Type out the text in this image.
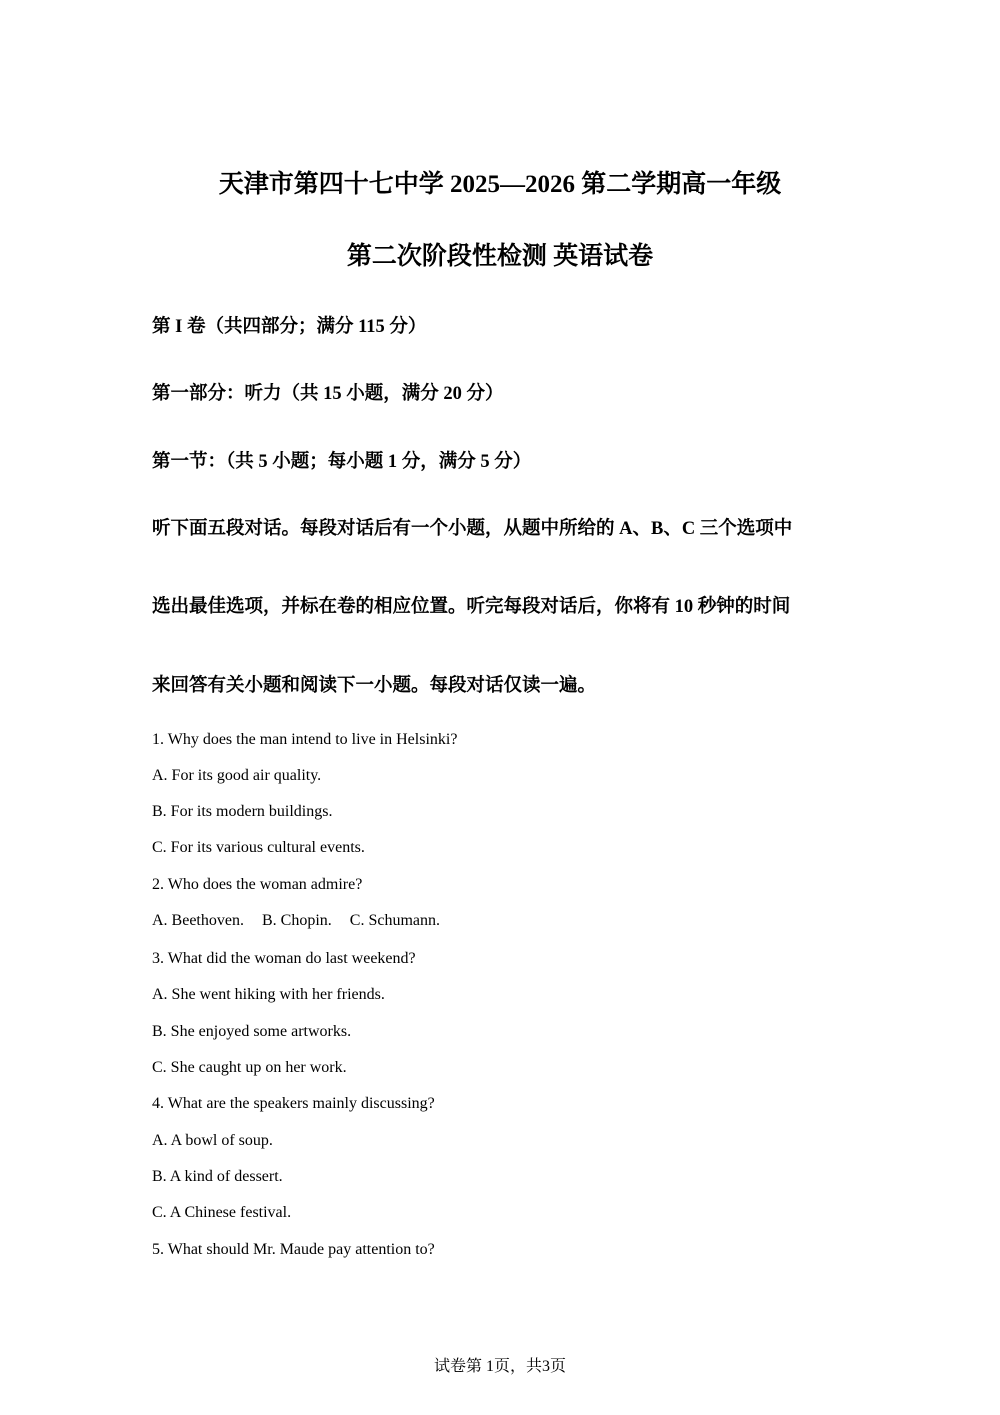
天津市第四十七中学 2025—2026 第二学期高一年级
第二次阶段性检测 英语试卷
第 I 卷（共四部分；满分 115 分）
第一部分：听力（共 15 小题，满分 20 分）
第一节：（共 5 小题；每小题 1 分，满分 5 分）
听下面五段对话。每段对话后有一个小题，从题中所给的 A、B、C 三个选项中
选出最佳选项，并标在卷的相应位置。听完每段对话后，你将有 10 秒钟的时间
来回答有关小题和阅读下一小题。每段对话仅读一遍。
1. Why does the man intend to live in Helsinki?
A. For its good air quality.
B. For its modern buildings.
C. For its various cultural events.
2. Who does the woman admire?
A. Beethoven. B. Chopin. C. Schumann.
3. What did the woman do last weekend?
A. She went hiking with her friends.
B. She enjoyed some artworks.
C. She caught up on her work.
4. What are the speakers mainly discussing?
A. A bowl of soup.
B. A kind of dessert.
C. A Chinese festival.
5. What should Mr. Maude pay attention to?
试卷第 1页，共3页
